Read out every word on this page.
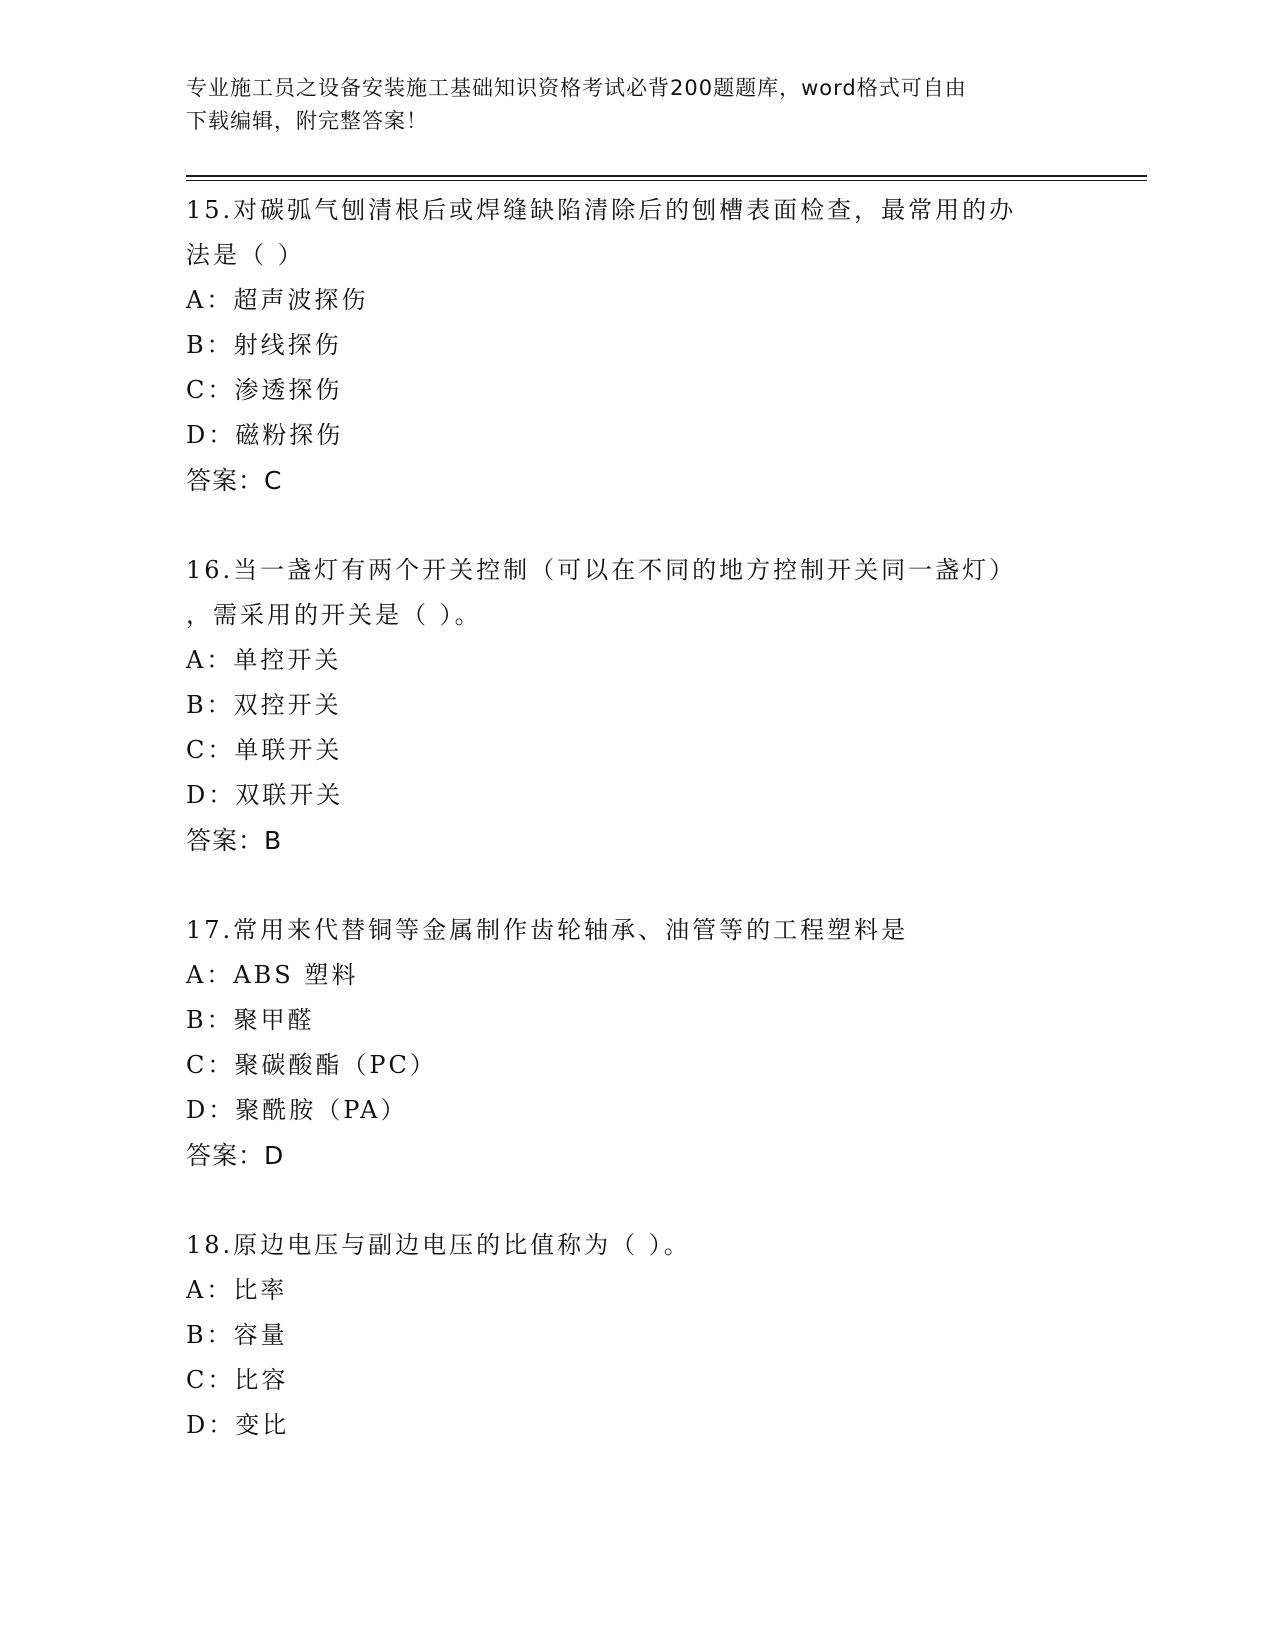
专业施工员之设备安装施工基础知识资格考试必背200题题库，word格式可自由
下载编辑，附完整答案！
15.对碳弧气刨清根后或焊缝缺陷清除后的刨槽表面检查，最常用的办
法是（ ）
A：超声波探伤
B：射线探伤
C：渗透探伤
D：磁粉探伤
答案：C
16.当一盏灯有两个开关控制（可以在不同的地方控制开关同一盏灯）
，需采用的开关是（ ）。
A：单控开关
B：双控开关
C：单联开关
D：双联开关
答案：B
17.常用来代替铜等金属制作齿轮轴承、油管等的工程塑料是
A：ABS 塑料
B：聚甲醛
C：聚碳酸酯（PC）
D：聚酰胺（PA）
答案：D
18.原边电压与副边电压的比值称为（ ）。
A：比率
B：容量
C：比容
D：变比
